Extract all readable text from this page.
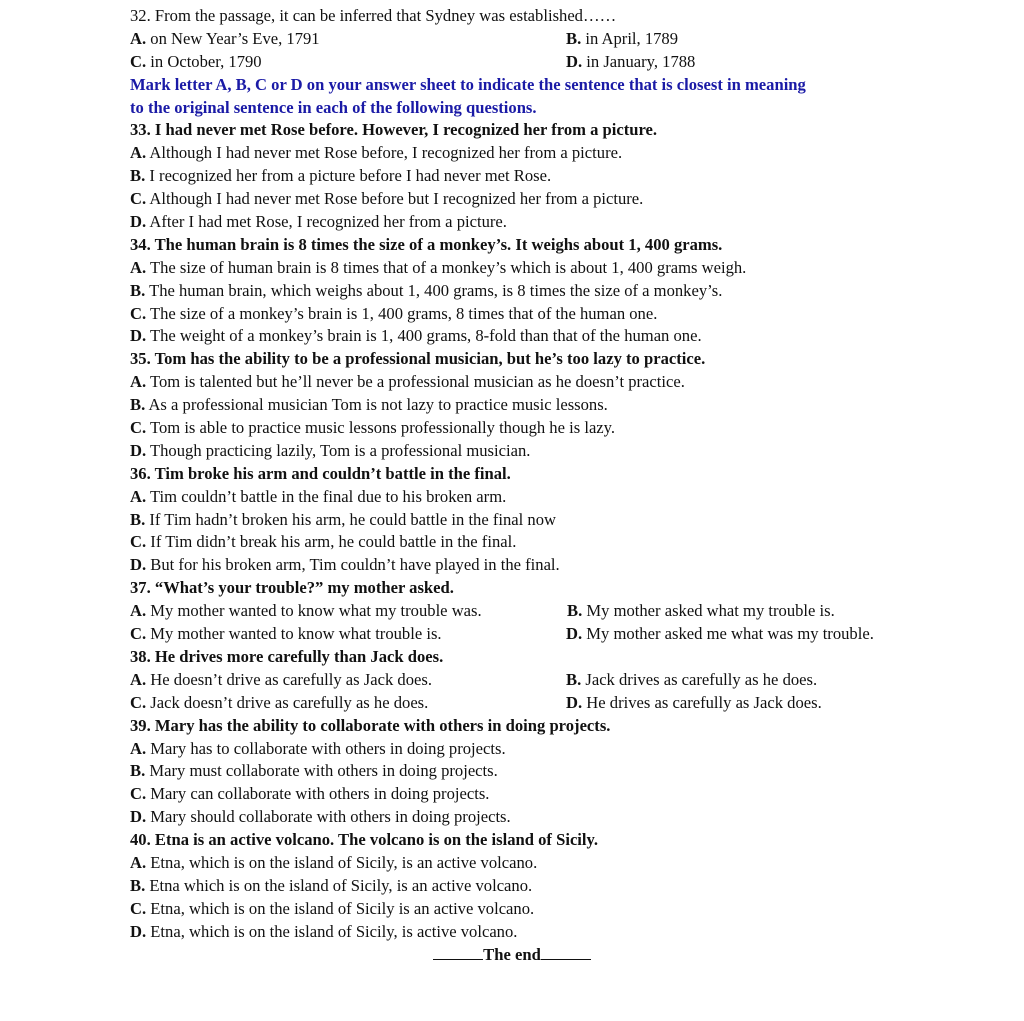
32. From the passage, it can be inferred that Sydney was established……
A. on New Year’s Eve, 1791	B. in April, 1789
C. in October, 1790	D. in January, 1788
Mark letter A, B, C or D on your answer sheet to indicate the sentence that is closest in meaning
to the original sentence in each of the following questions.
33. I had never met Rose before. However, I recognized her from a picture.
A. Although I had never met Rose before, I recognized her from a picture.
B. I recognized her from a picture before I had never met Rose.
C. Although I had never met Rose before but I recognized her from a picture.
D. After I had met Rose, I recognized her from a picture.
34. The human brain is 8 times the size of a monkey’s. It weighs about 1, 400 grams.
A. The size of human brain is 8 times that of a monkey’s which is about 1, 400 grams weigh.
B. The human brain, which weighs about 1, 400 grams, is 8 times the size of a monkey’s.
C. The size of a monkey’s brain is 1, 400 grams, 8 times that of the human one.
D. The weight of a monkey’s brain is 1, 400 grams, 8-fold than that of the human one.
35. Tom has the ability to be a professional musician, but he’s too lazy to practice.
A. Tom is talented but he’ll never be a professional musician as he doesn’t practice.
B. As a professional musician Tom is not lazy to practice music lessons.
C. Tom is able to practice music lessons professionally though he is lazy.
D. Though practicing lazily, Tom is a professional musician.
36. Tim broke his arm and couldn’t battle in the final.
A. Tim couldn’t battle in the final due to his broken arm.
B. If Tim hadn’t broken his arm, he could battle in the final now
C. If Tim didn’t break his arm, he could battle in the final.
D. But for his broken arm, Tim couldn’t have played in the final.
37. “What’s your trouble?” my mother asked.
A. My mother wanted to know what my trouble was.	B. My mother asked what my trouble is.
C. My mother wanted to know what trouble is.	D. My mother asked me what was my trouble.
38. He drives more carefully than Jack does.
A. He doesn’t drive as carefully as Jack does.	B. Jack drives as carefully as he does.
C. Jack doesn’t drive as carefully as he does.	D. He drives as carefully as Jack does.
39. Mary has the ability to collaborate with others in doing projects.
A. Mary has to collaborate with others in doing projects.
B. Mary must collaborate with others in doing projects.
C. Mary can collaborate with others in doing projects.
D. Mary should collaborate with others in doing projects.
40. Etna is an active volcano. The volcano is on the island of Sicily.
A. Etna, which is on the island of Sicily, is an active volcano.
B. Etna which is on the island of Sicily, is an active volcano.
C. Etna, which is on the island of Sicily is an active volcano.
D. Etna, which is on the island of Sicily, is active volcano.
The end
